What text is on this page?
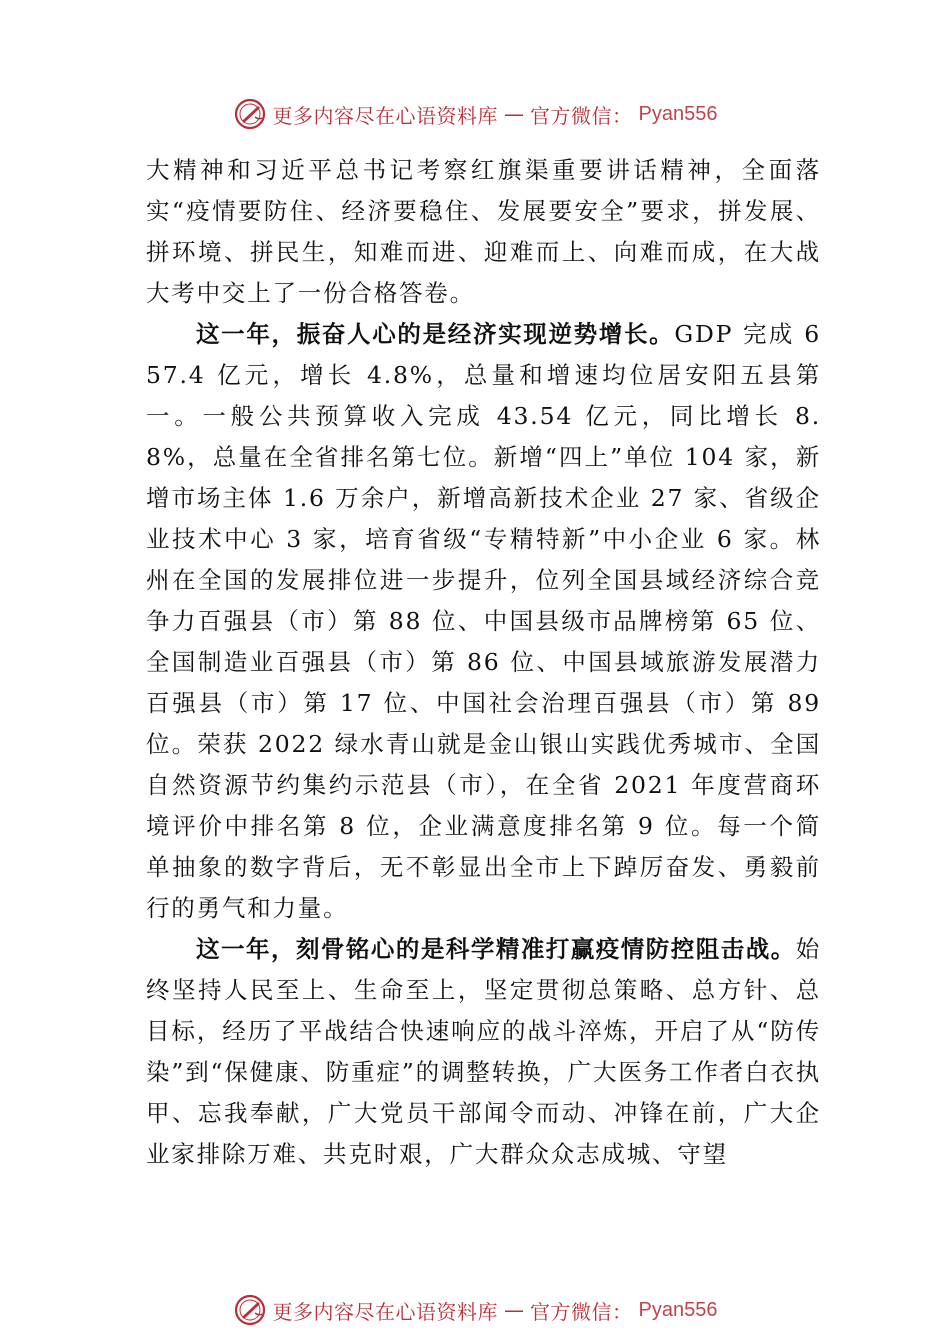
更多内容尽在心语资料库 — 官方微信： Pyan556

大精神和习近平总书记考察红旗渠重要讲话精神，全面落实“疫情要防住、经济要稳住、发展要安全”要求，拼发展、拼环境、拼民生，知难而进、迎难而上、向难而成，在大战大考中交上了一份合格答卷。

这一年，振奋人心的是经济实现逆势增长。GDP 完成 657.4 亿元，增长 4.8%，总量和增速均位居安阳五县第一。一般公共预算收入完成 43.54 亿元，同比增长 8.8%，总量在全省排名第七位。新增“四上”单位 104 家，新增市场主体 1.6 万余户，新增高新技术企业 27 家、省级企业技术中心 3 家，培育省级“专精特新”中小企业 6 家。林州在全国的发展排位进一步提升，位列全国县域经济综合竞争力百强县（市）第 88 位、中国县级市品牌榜第 65 位、全国制造业百强县（市）第 86 位、中国县域旅游发展潜力百强县（市）第 17 位、中国社会治理百强县（市）第 89 位。荣获 2022 绿水青山就是金山银山实践优秀城市、全国自然资源节约集约示范县（市），在全省 2021 年度营商环境评价中排名第 8 位，企业满意度排名第 9 位。每一个简单抽象的数字背后，无不彰显出全市上下踔厉奋发、勇毅前行的勇气和力量。

这一年，刻骨铭心的是科学精准打赢疫情防控阻击战。始终坚持人民至上、生命至上，坚定贯彻总策略、总方针、总目标，经历了平战结合快速响应的战斗淬炼，开启了从“防传染”到“保健康、防重症”的调整转换，广大医务工作者白衣执甲、忘我奉献，广大党员干部闻令而动、冲锋在前，广大企业家排除万难、共克时艰，广大群众众志成城、守望

更多内容尽在心语资料库 — 官方微信： Pyan556
